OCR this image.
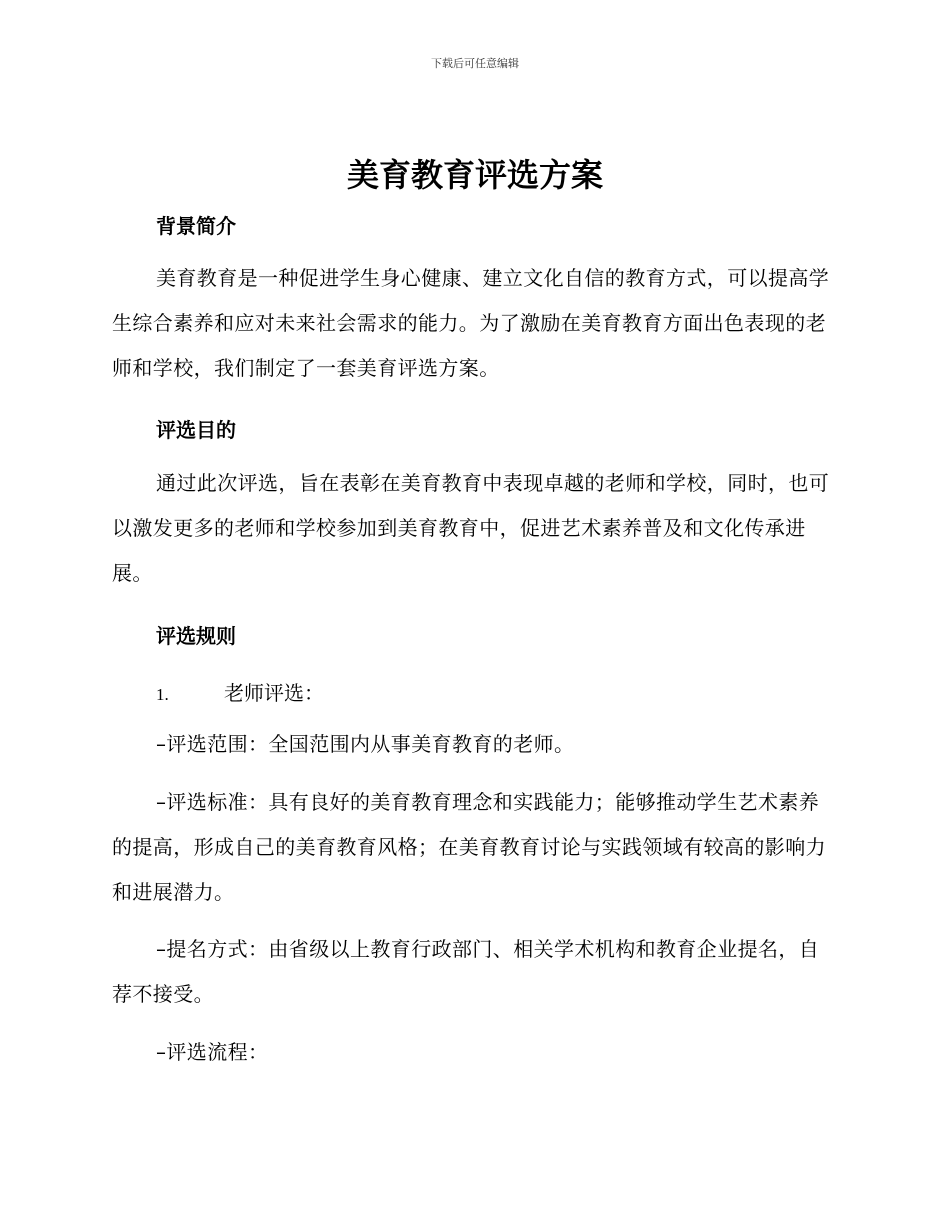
下载后可任意编辑
美育教育评选方案
背景简介
美育教育是一种促进学生身心健康、建立文化自信的教育方式，可以提高学生综合素养和应对未来社会需求的能力。为了激励在美育教育方面出色表现的老师和学校，我们制定了一套美育评选方案。
评选目的
通过此次评选，旨在表彰在美育教育中表现卓越的老师和学校，同时，也可以激发更多的老师和学校参加到美育教育中，促进艺术素养普及和文化传承进展。
评选规则
1.	老师评选：
–评选范围：全国范围内从事美育教育的老师。
–评选标准：具有良好的美育教育理念和实践能力；能够推动学生艺术素养的提高，形成自己的美育教育风格；在美育教育讨论与实践领域有较高的影响力和进展潜力。
–提名方式：由省级以上教育行政部门、相关学术机构和教育企业提名，自荐不接受。
–评选流程：
